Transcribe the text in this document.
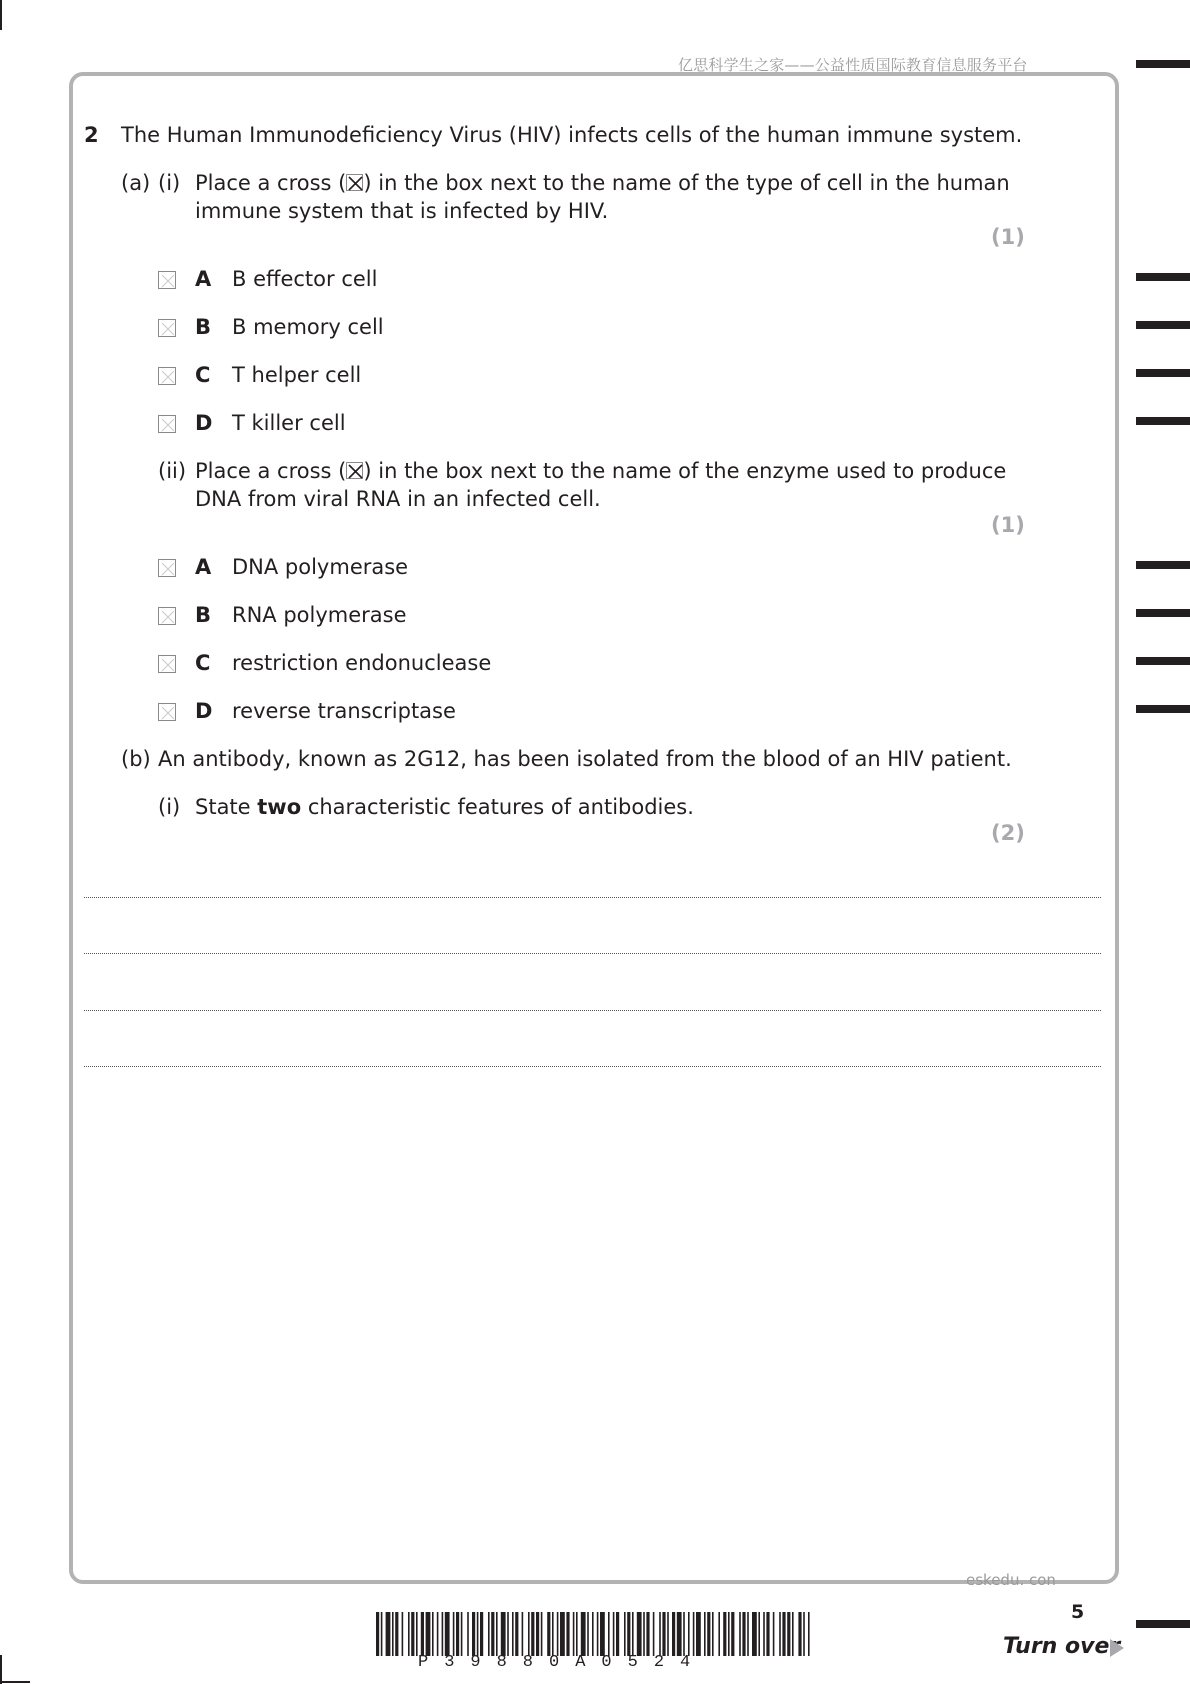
亿思科学生之家——公益性质国际教育信息服务平台
2 The Human Immunodeficiency Virus (HIV) infects cells of the human immune system.
(a) (i) Place a cross (☒) in the box next to the name of the type of cell in the human
immune system that is infected by HIV.
(1)
A B effector cell
B B memory cell
C T helper cell
D T killer cell
(ii) Place a cross (☒) in the box next to the name of the enzyme used to produce
DNA from viral RNA in an infected cell.
(1)
A DNA polymerase
B RNA polymerase
C restriction endonuclease
D reverse transcriptase
(b) An antibody, known as 2G12, has been isolated from the blood of an HIV patient.
(i) State two characteristic features of antibodies.
(2)
eskedu. con
5
P39880A0524
Turn over
